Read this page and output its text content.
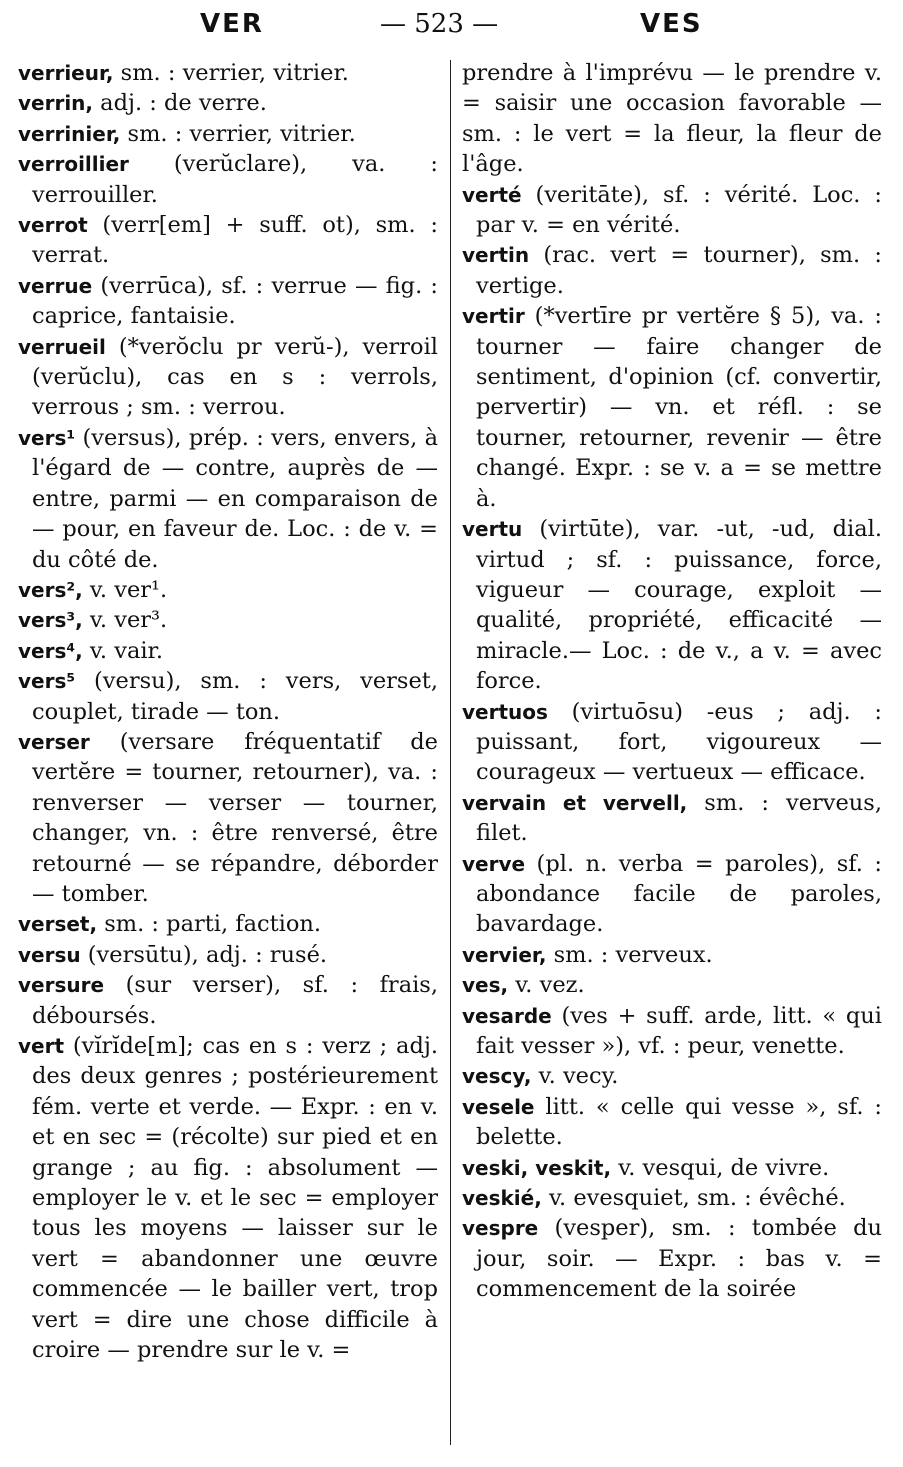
VER	— 523 —	VES

verrieur, sm. : verrier, vitrier.

verrin, adj. : de verre.

verrinier, sm. : verrier, vitrier.

verroillier (verŭclare), va. : verrouiller.

verrot (verr[em] + suff. ot), sm. : verrat.

verrue (verrūca), sf. : verrue — fig. : caprice, fantaisie.

verrueil (*verŏclu pr verŭ-), verroil (verŭclu), cas en s : verrols, verrous ; sm. : verrou.

vers¹ (versus), prép. : vers, envers, à l'égard de — contre, auprès de — entre, parmi — en comparaison de — pour, en faveur de. Loc. : de v. = du côté de.

vers², v. ver¹.

vers³, v. ver³.

vers⁴, v. vair.

vers⁵ (versu), sm. : vers, verset, couplet, tirade — ton.

verser (versare fréquentatif de vertĕre = tourner, retourner), va. : renverser — verser — tourner, changer, vn. : être renversé, être retourné — se répandre, déborder — tomber.

verset, sm. : parti, faction.

versu (versūtu), adj. : rusé.

versure (sur verser), sf. : frais, déboursés.

vert (vĭrĭde[m]; cas en s : verz ; adj. des deux genres ; postérieurement fém. verte et verde. — Expr. : en v. et en sec = (récolte) sur pied et en grange ; au fig. : absolument — employer le v. et le sec = employer tous les moyens — laisser sur le vert = abandonner une œuvre commencée — le bailler vert, trop vert = dire une chose difficile à croire — prendre sur le v. =

prendre à l'imprévu — le prendre v. = saisir une occasion favorable — sm. : le vert = la fleur, la fleur de l'âge.

verté (veritāte), sf. : vérité. Loc. : par v. = en vérité.

vertin (rac. vert = tourner), sm. : vertige.

vertir (*vertīre pr vertĕre § 5), va. : tourner — faire changer de sentiment, d'opinion (cf. convertir, pervertir) — vn. et réfl. : se tourner, retourner, revenir — être changé. Expr. : se v. a = se mettre à.

vertu (virtūte), var. -ut, -ud, dial. virtud ; sf. : puissance, force, vigueur — courage, exploit — qualité, propriété, efficacité — miracle.— Loc. : de v., a v. = avec force.

vertuos (virtuōsu) -eus ; adj. : puissant, fort, vigoureux — courageux — vertueux — efficace.

vervain et vervell, sm. : verveus, filet.

verve (pl. n. verba = paroles), sf. : abondance facile de paroles, bavardage.

vervier, sm. : verveux.

ves, v. vez.

vesarde (ves + suff. arde, litt. « qui fait vesser »), vf. : peur, venette.

vescy, v. vecy.

vesele litt. « celle qui vesse », sf. : belette.

veski, veskit, v. vesqui, de vivre.

veskié, v. evesquiet, sm. : évêché.

vespre (vesper), sm. : tombée du jour, soir. — Expr. : bas v. = commencement de la soirée
